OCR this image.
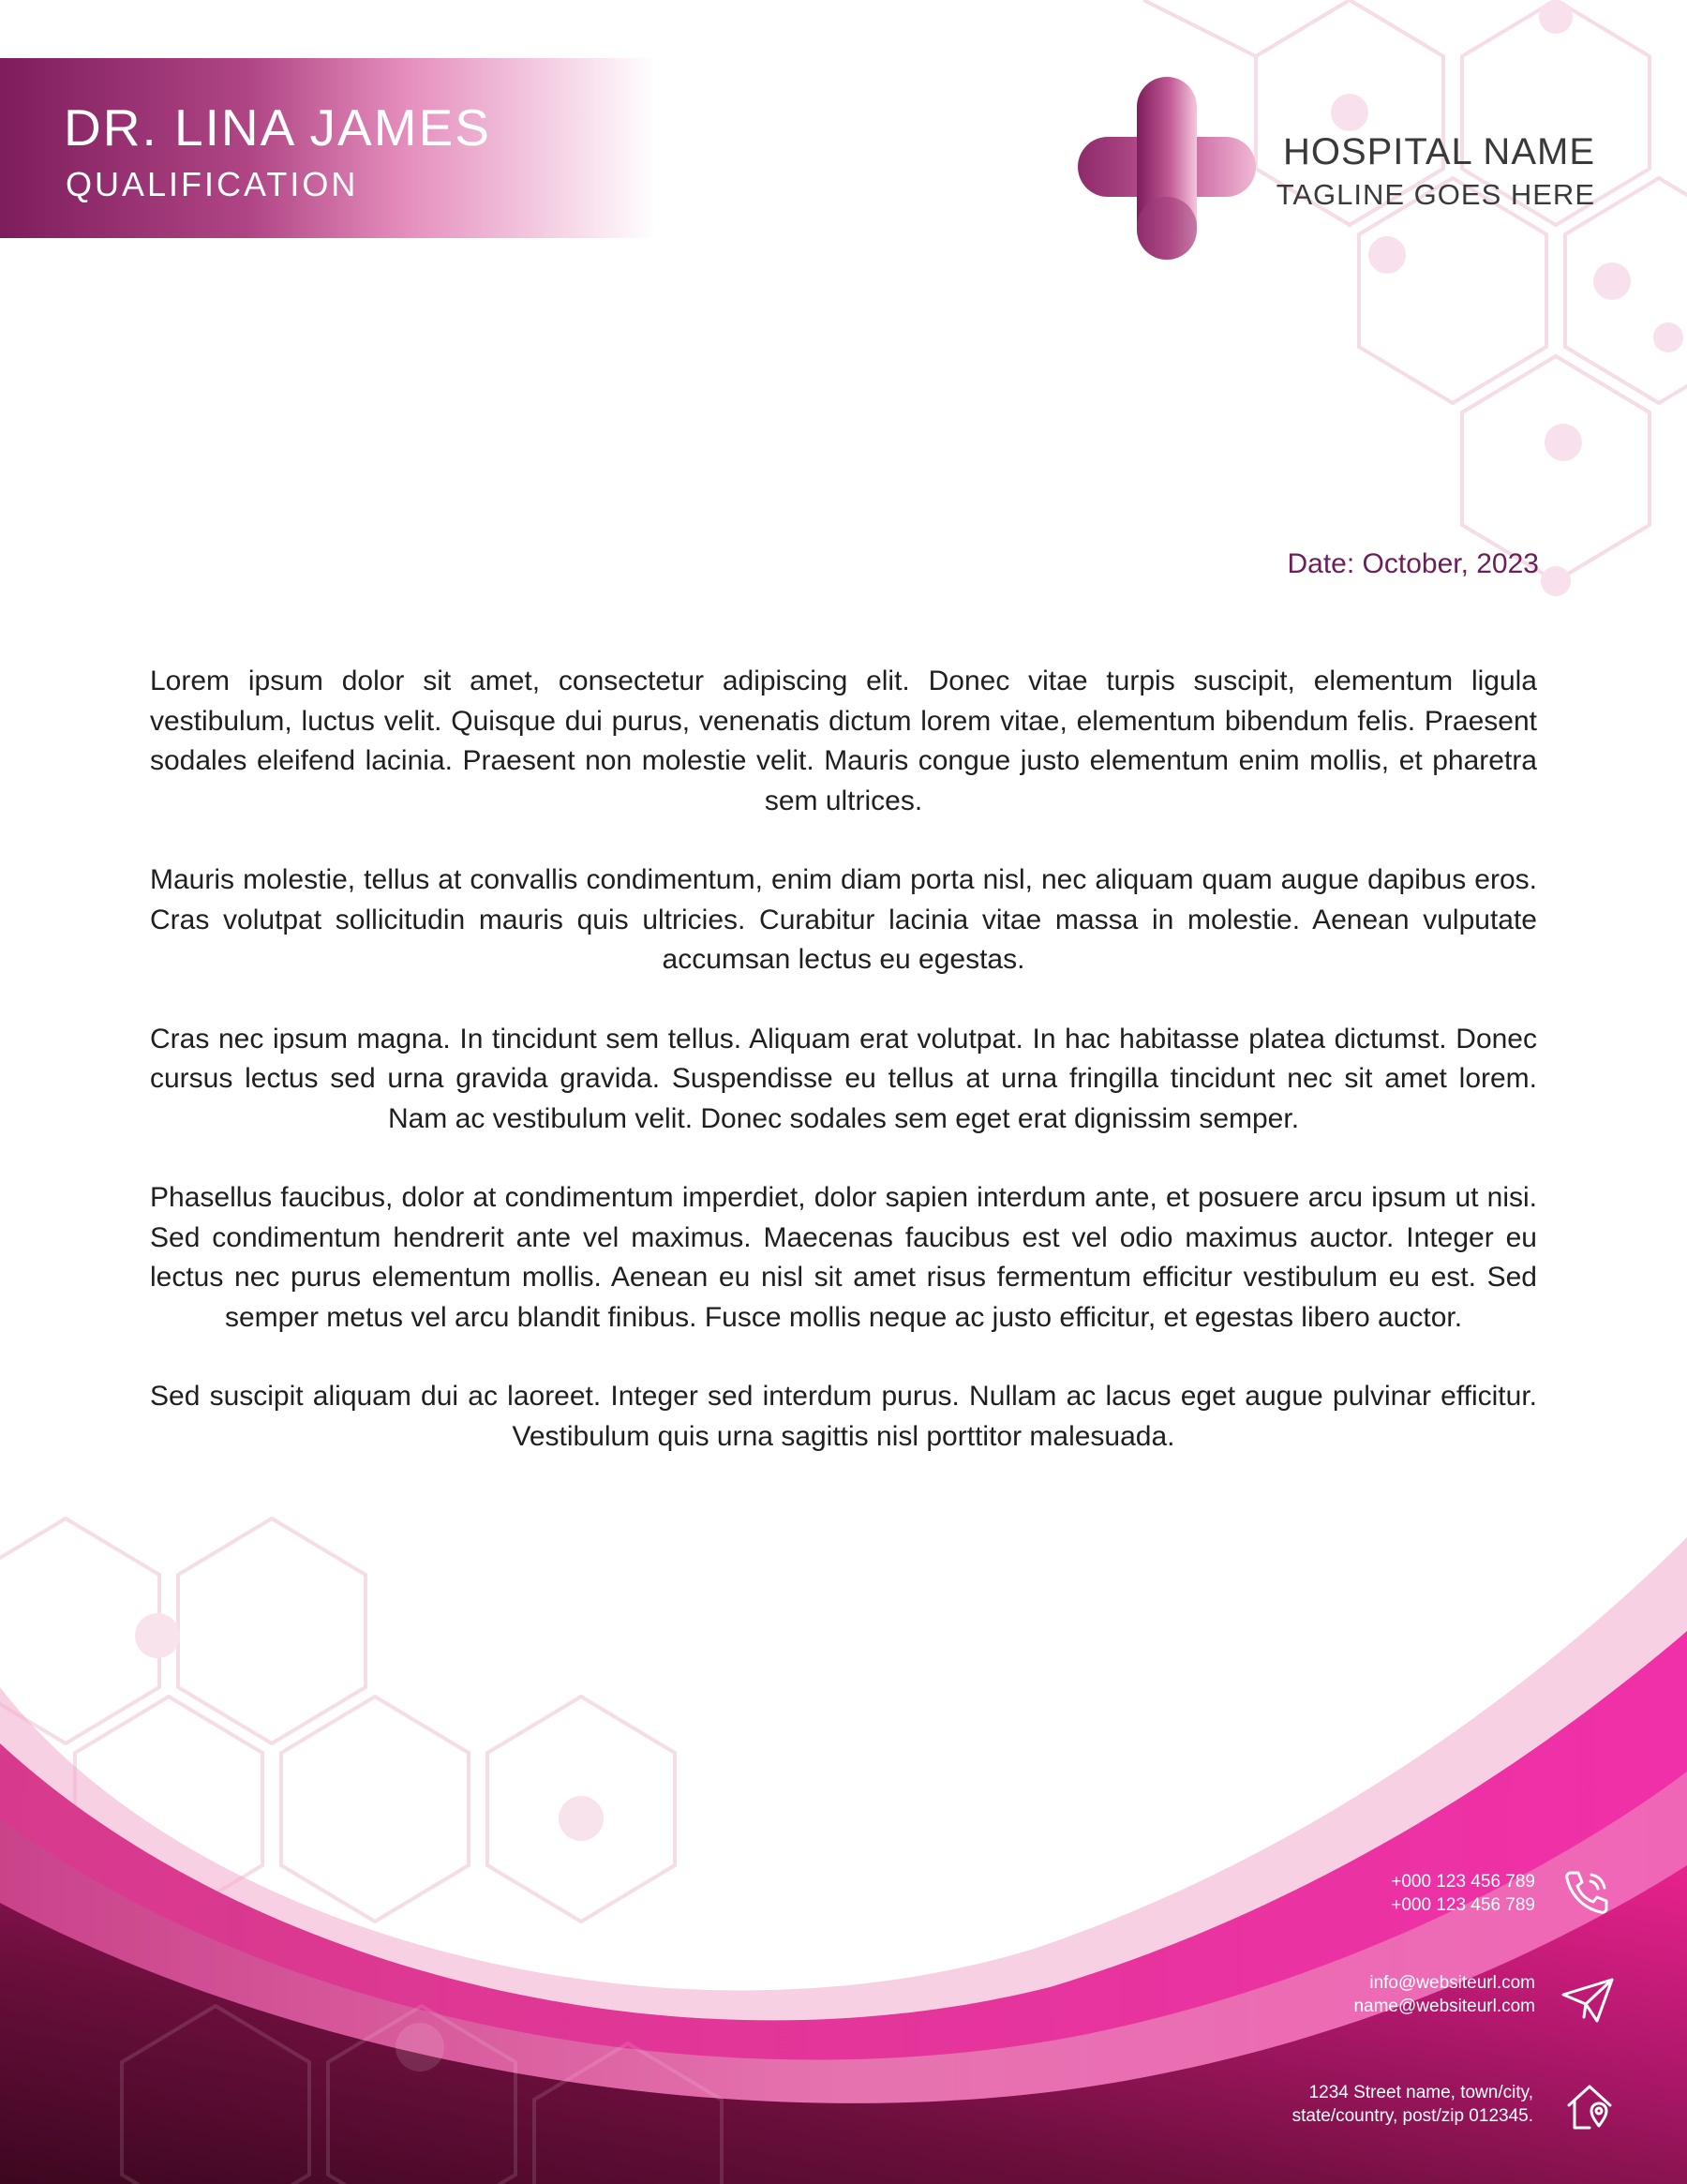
DR. LINA JAMES
QUALIFICATION
HOSPITAL NAME
TAGLINE GOES HERE
Date: October, 2023

Lorem ipsum dolor sit amet, consectetur adipiscing elit. Donec vitae turpis suscipit, elementum ligula vestibulum, luctus velit. Quisque dui purus, venenatis dictum lorem vitae, elementum bibendum felis. Praesent sodales eleifend lacinia. Praesent non molestie velit. Mauris congue justo elementum enim mollis, et pharetra sem ultrices.

Mauris molestie, tellus at convallis condimentum, enim diam porta nisl, nec aliquam quam augue dapibus eros. Cras volutpat sollicitudin mauris quis ultricies. Curabitur lacinia vitae massa in molestie. Aenean vulputate accumsan lectus eu egestas.

Cras nec ipsum magna. In tincidunt sem tellus. Aliquam erat volutpat. In hac habitasse platea dictumst. Donec cursus lectus sed urna gravida gravida. Suspendisse eu tellus at urna fringilla tincidunt nec sit amet lorem. Nam ac vestibulum velit. Donec sodales sem eget erat dignissim semper.

Phasellus faucibus, dolor at condimentum imperdiet, dolor sapien interdum ante, et posuere arcu ipsum ut nisi. Sed condimentum hendrerit ante vel maximus. Maecenas faucibus est vel odio maximus auctor. Integer eu lectus nec purus elementum mollis. Aenean eu nisl sit amet risus fermentum efficitur vestibulum eu est. Sed semper metus vel arcu blandit finibus. Fusce mollis neque ac justo efficitur, et egestas libero auctor.

Sed suscipit aliquam dui ac laoreet. Integer sed interdum purus. Nullam ac lacus eget augue pulvinar efficitur. Vestibulum quis urna sagittis nisl porttitor malesuada.

+000 123 456 789
+000 123 456 789
info@websiteurl.com
name@websiteurl.com
1234 Street name, town/city,
state/country, post/zip 012345.
